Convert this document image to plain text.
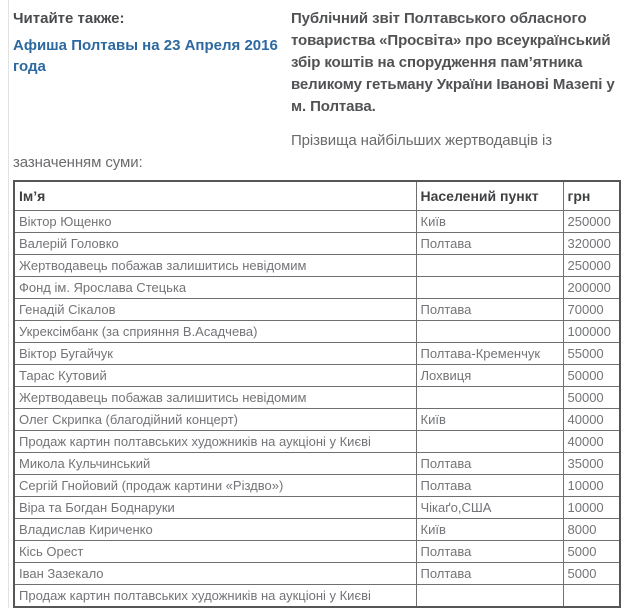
Читайте также:
Афиша Полтавы на 23 Апреля 2016 года

Публічний звіт Полтавського обласного товариства «Просвіта» про всеукраїнський збір коштів на спорудження пам’ятника великому гетьману України Іванові Мазепі у м. Полтава.

Прізвища найбільших жертводавців із зазначенням суми:

Ім’я	Населений пункт	грн
Віктор Ющенко	Київ	250000
Валерій Головко	Полтава	320000
Жертводавець побажав залишитись невідомим		250000
Фонд ім. Ярослава Стецька		200000
Генадій Сікалов	Полтава	70000
Укрексімбанк (за сприяння В.Асадчева)		100000
Віктор Бугайчук	Полтава-Кременчук	55000
Тарас Кутовий	Лохвиця	50000
Жертводавець побажав залишитись невідомим		50000
Олег Скрипка (благодійний концерт)	Київ	40000
Продаж картин полтавських художників на аукціоні у Києві		40000
Микола Кульчинський	Полтава	35000
Сергій Гнойовий (продаж картини «Різдво»)	Полтава	10000
Віра та Богдан Боднаруки	Чікаґо,США	10000
Владислав Кириченко	Київ	8000
Кісь Орест	Полтава	5000
Іван Зазекало	Полтава	5000
Продаж картин полтавських художників на аукціоні у Києві		
